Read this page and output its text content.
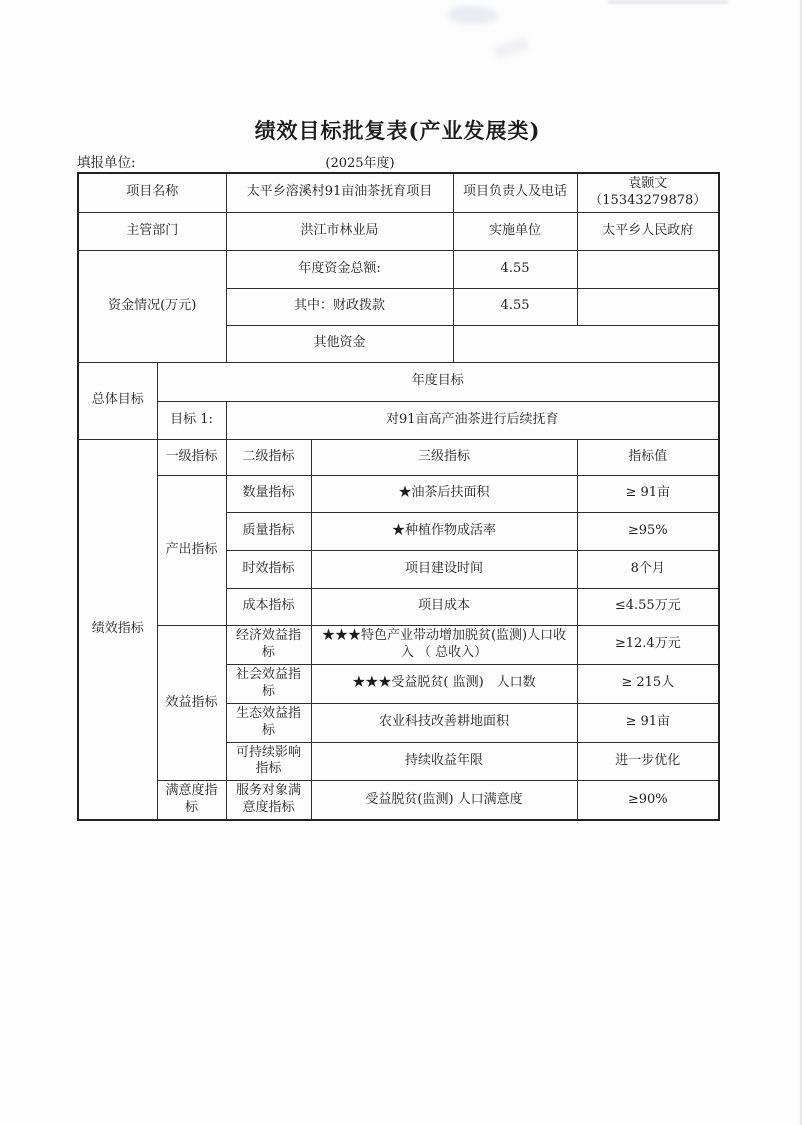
绩效目标批复表(产业发展类)
填报单位:	(2025年度)
项目名称		太平乡溶溪村91亩油茶抚育项目		项目负责人及电话	袁颢文
（15343279878）

主管部门		洪江市林业局		实施单位	太平乡人民政府
资金情况(万元)		年度资金总额:		4.55	
		其中：财政拨款		4.55	
		其他资金			
总体目标	年度目标				
	目标 1:	对91亩高产油茶进行后续抚育			
绩效指标	一级指标	二级指标	三级指标		指标值
	产出指标	数量指标	★油茶后扶面积		≥ 91亩
		质量指标	★种植作物成活率		≥95%
		时效指标	项目建设时间		8个月
		成本指标	项目成本		≤4.55万元
	效益指标	经济效益指标	★★★特色产业带动增加脱贫(监测)人口收入 （ 总收入）		≥12.4万元
		社会效益指标	★★★受益脱贫( 监测)　人口数		≥ 215人
		生态效益指标	农业科技改善耕地面积		≥ 91亩
		可持续影响指标	持续收益年限		进一步优化
	满意度指标	服务对象满意度指标	受益脱贫(监测) 人口满意度		≥90%
